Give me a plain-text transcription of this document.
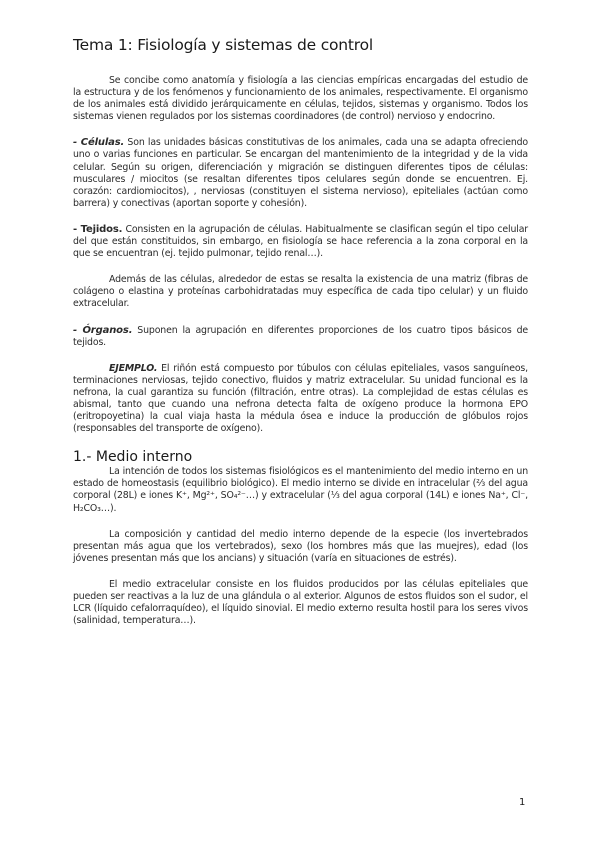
Tema 1: Fisiología y sistemas de control

Se concibe como anatomía y fisiología a las ciencias empíricas encargadas del estudio de la estructura y de los fenómenos y funcionamiento de los animales, respectivamente. El organismo de los animales está dividido jerárquicamente en células, tejidos, sistemas y organismo. Todos los sistemas vienen regulados por los sistemas coordinadores (de control) nervioso y endocrino.

- Células. Son las unidades básicas constitutivas de los animales, cada una se adapta ofreciendo uno o varias funciones en particular. Se encargan del mantenimiento de la integridad y de la vida celular. Según su origen, diferenciación y migración se distinguen diferentes tipos de células: musculares / miocitos (se resaltan diferentes tipos celulares según donde se encuentren. Ej. corazón: cardiomiocitos), , nerviosas (constituyen el sistema nervioso), epiteliales (actúan como barrera) y conectivas (aportan soporte y cohesión).

- Tejidos. Consisten en la agrupación de células. Habitualmente se clasifican según el tipo celular del que están constituidos, sin embargo, en fisiología se hace referencia a la zona corporal en la que se encuentran (ej. tejido pulmonar, tejido renal…).

Además de las células, alrededor de estas se resalta la existencia de una matriz (fibras de colágeno o elastina y proteínas carbohidratadas muy específica de cada tipo celular) y un fluido extracelular.

- Órganos. Suponen la agrupación en diferentes proporciones de los cuatro tipos básicos de tejidos.

EJEMPLO. El riñón está compuesto por túbulos con células epiteliales, vasos sanguíneos, terminaciones nerviosas, tejido conectivo, fluidos y matriz extracelular. Su unidad funcional es la nefrona, la cual garantiza su función (filtración, entre otras). La complejidad de estas células es abismal, tanto que cuando una nefrona detecta falta de oxígeno produce la hormona EPO (eritropoyetina) la cual viaja hasta la médula ósea e induce la producción de glóbulos rojos (responsables del transporte de oxígeno).

1.- Medio interno

La intención de todos los sistemas fisiológicos es el mantenimiento del medio interno en un estado de homeostasis (equilibrio biológico). El medio interno se divide en intracelular (⅔ del agua corporal (28L) e iones K⁺, Mg²⁺, SO₄²⁻…) y extracelular (⅓ del agua corporal (14L) e iones Na⁺, Cl⁻, H₂CO₃…).

La composición y cantidad del medio interno depende de la especie (los invertebrados presentan más agua que los vertebrados), sexo (los hombres más que las muejres), edad (los jóvenes presentan más que los ancians) y situación (varía en situaciones de estrés).

El medio extracelular consiste en los fluidos producidos por las células epiteliales que pueden ser reactivas a la luz de una glándula o al exterior. Algunos de estos fluidos son el sudor, el LCR (líquido cefalorraquídeo), el líquido sinovial. El medio externo resulta hostil para los seres vivos (salinidad, temperatura…).

1
